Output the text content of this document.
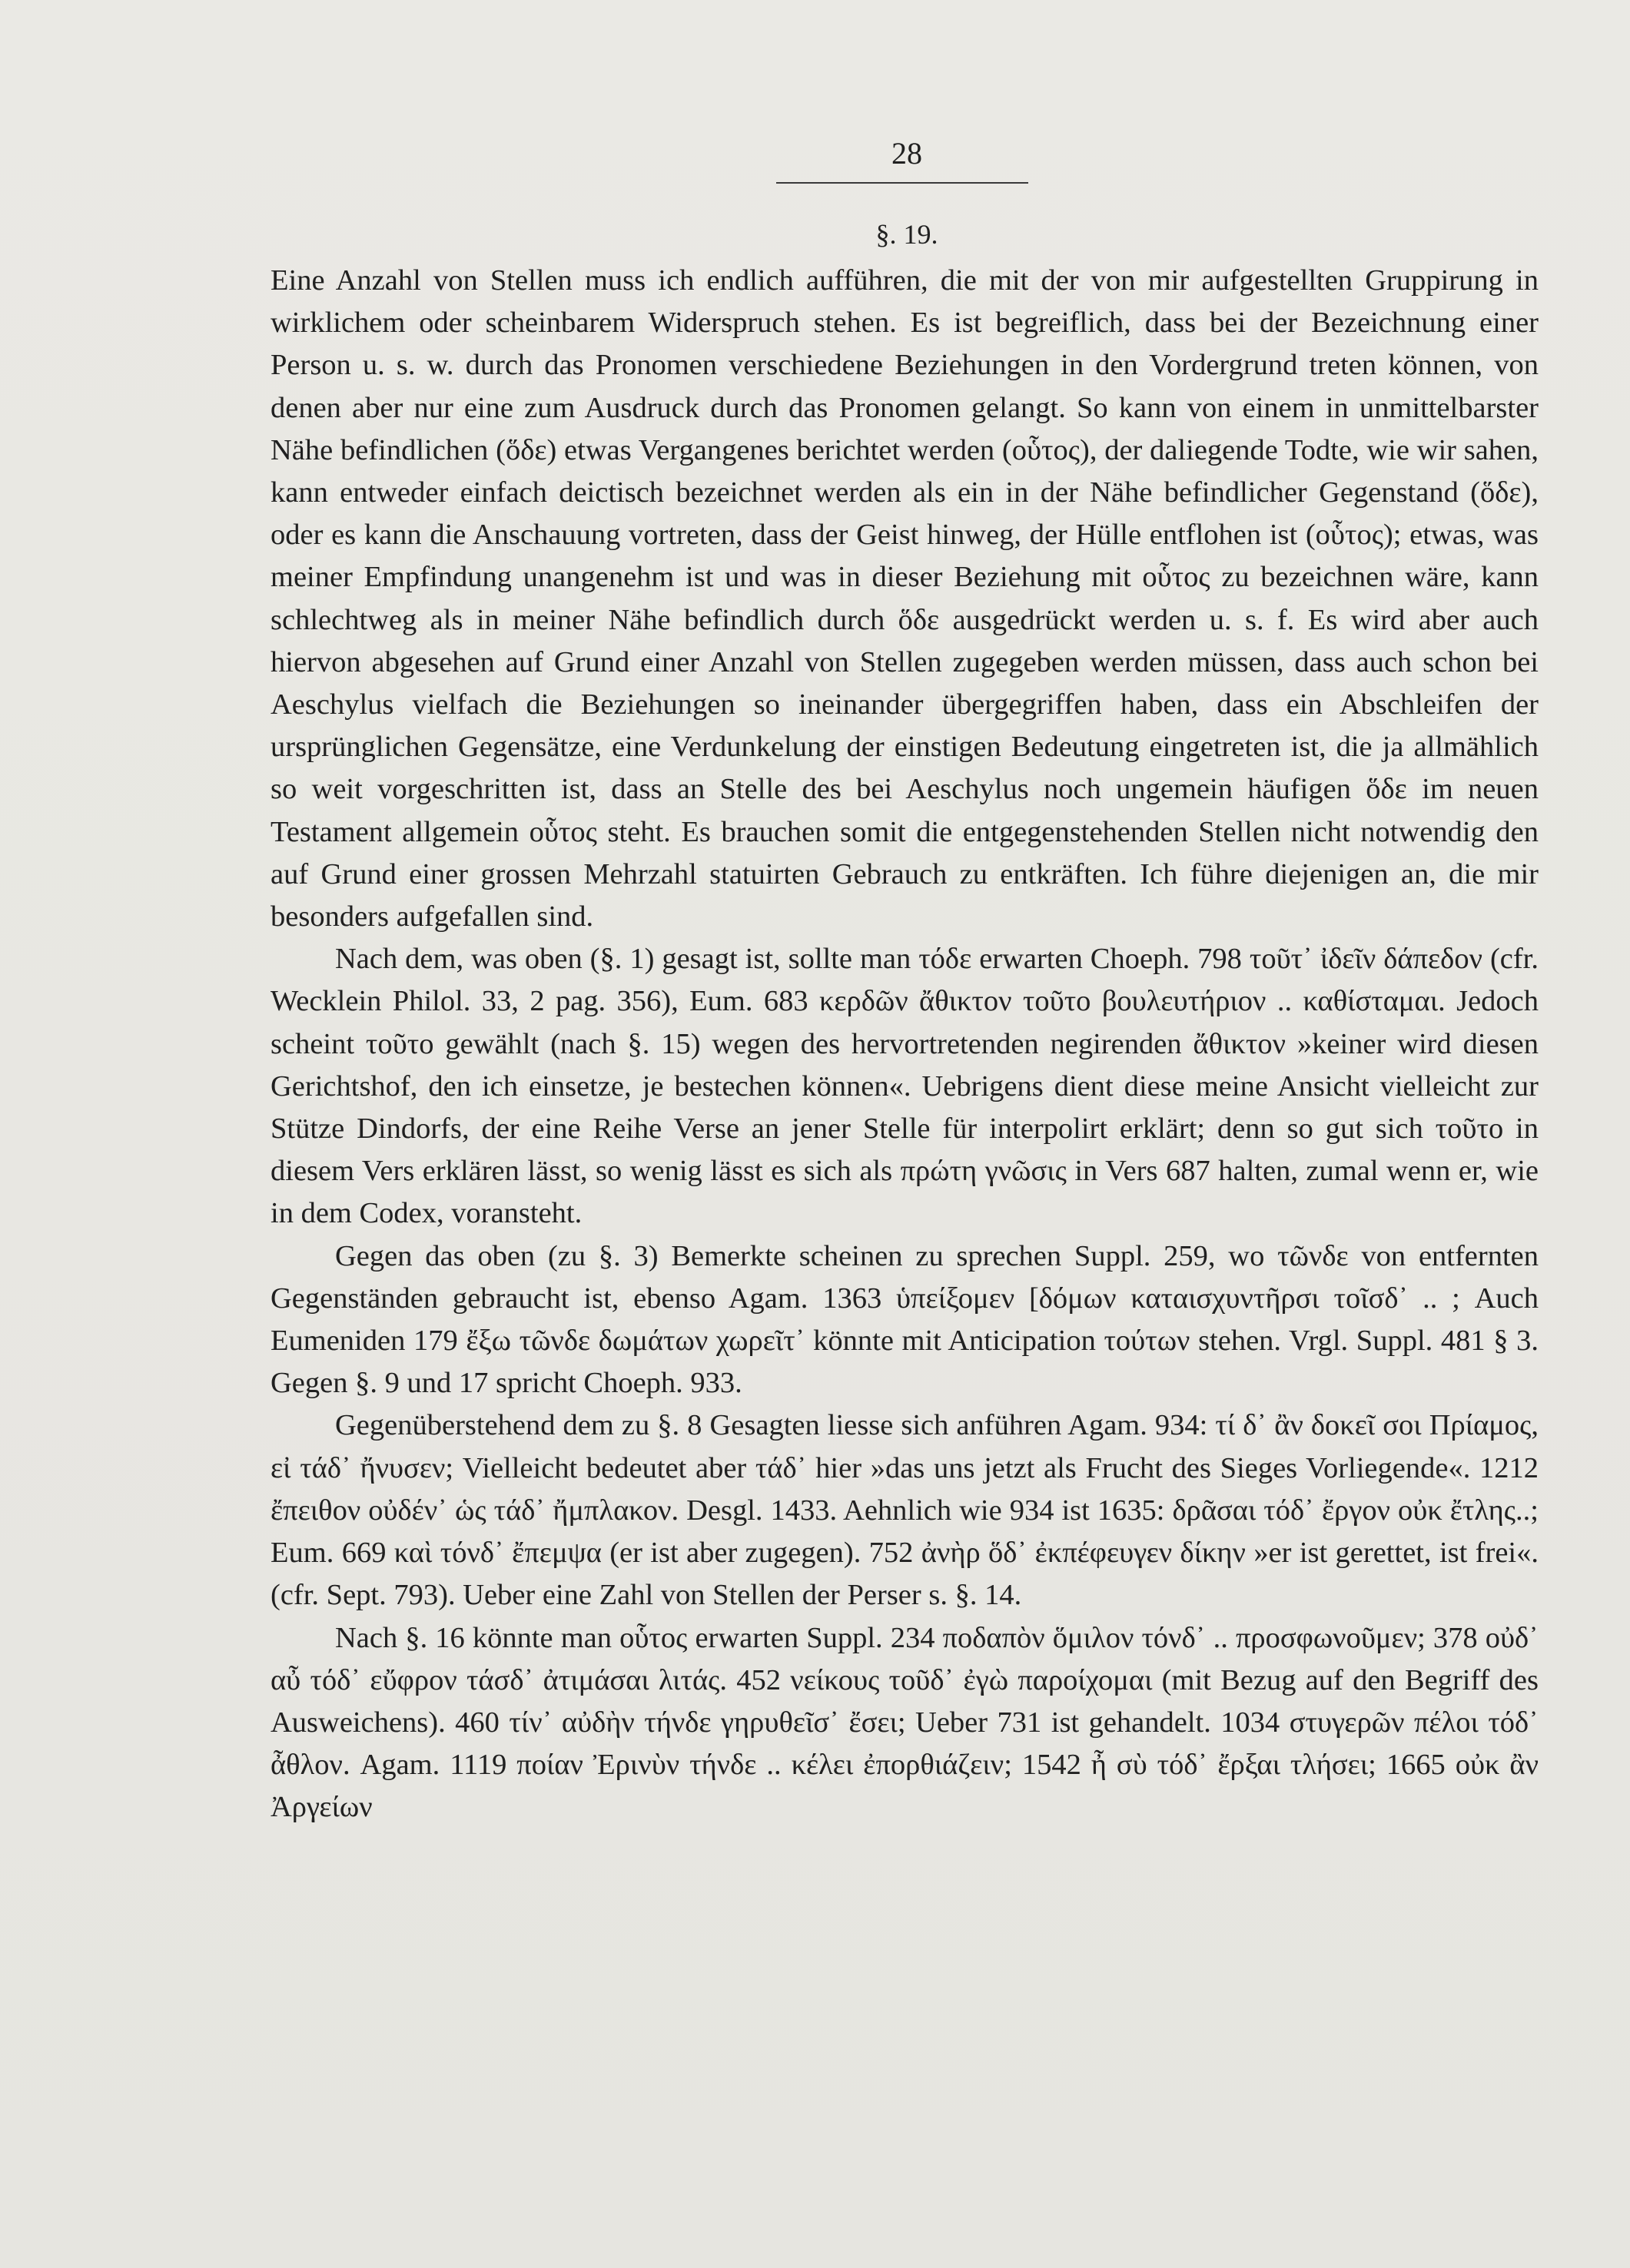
28
§. 19.

Eine Anzahl von Stellen muss ich endlich aufführen, die mit der von mir aufgestellten Gruppirung in wirklichem oder scheinbarem Widerspruch stehen. Es ist begreiflich, dass bei der Bezeichnung einer Person u. s. w. durch das Pronomen verschiedene Beziehungen in den Vordergrund treten können, von denen aber nur eine zum Ausdruck durch das Pronomen gelangt. So kann von einem in unmittelbarster Nähe befindlichen (ὅδε) etwas Vergangenes berichtet werden (οὗτος), der daliegende Todte, wie wir sahen, kann entweder einfach deictisch bezeichnet werden als ein in der Nähe befindlicher Gegenstand (ὅδε), oder es kann die Anschauung vortreten, dass der Geist hinweg, der Hülle entflohen ist (οὗτος); etwas, was meiner Empfindung unangenehm ist und was in dieser Beziehung mit οὗτος zu bezeichnen wäre, kann schlechtweg als in meiner Nähe befindlich durch ὅδε ausgedrückt werden u. s. f. Es wird aber auch hiervon abgesehen auf Grund einer Anzahl von Stellen zugegeben werden müssen, dass auch schon bei Aeschylus vielfach die Beziehungen so ineinander übergegriffen haben, dass ein Abschleifen der ursprünglichen Gegensätze, eine Verdunkelung der einstigen Bedeutung eingetreten ist, die ja allmählich so weit vorgeschritten ist, dass an Stelle des bei Aeschylus noch ungemein häufigen ὅδε im neuen Testament allgemein οὗτος steht. Es brauchen somit die entgegenstehenden Stellen nicht notwendig den auf Grund einer grossen Mehrzahl statuirten Gebrauch zu entkräften. Ich führe diejenigen an, die mir besonders aufgefallen sind.

Nach dem, was oben (§. 1) gesagt ist, sollte man τόδε erwarten Choeph. 798 τοῦτ᾽ ἰδεῖν δάπεδον (cfr. Wecklein Philol. 33, 2 pag. 356), Eum. 683 κερδῶν ἄθικτον τοῦτο βουλευτήριον .. καθίσταμαι. Jedoch scheint τοῦτο gewählt (nach §. 15) wegen des hervortretenden negirenden ἄθικτον »keiner wird diesen Gerichtshof, den ich einsetze, je bestechen können«. Uebrigens dient diese meine Ansicht vielleicht zur Stütze Dindorfs, der eine Reihe Verse an jener Stelle für interpolirt erklärt; denn so gut sich τοῦτο in diesem Vers erklären lässt, so wenig lässt es sich als πρώτη γνῶσις in Vers 687 halten, zumal wenn er, wie in dem Codex, voransteht.

Gegen das oben (zu §. 3) Bemerkte scheinen zu sprechen Suppl. 259, wo τῶνδε von entfernten Gegenständen gebraucht ist, ebenso Agam. 1363 ὑπείξομεν [δόμων καταισχυντῆρσι τοῖσδ᾽ .. ; Auch Eumeniden 179 ἔξω τῶνδε δωμάτων χωρεῖτ᾽ könnte mit Anticipation τούτων stehen. Vrgl. Suppl. 481 § 3. Gegen §. 9 und 17 spricht Choeph. 933.

Gegenüberstehend dem zu §. 8 Gesagten liesse sich anführen Agam. 934: τί δ᾽ ἂν δοκεῖ σοι Πρίαμος, εἰ τάδ᾽ ἤνυσεν; Vielleicht bedeutet aber τάδ᾽ hier »das uns jetzt als Frucht des Sieges Vorliegende«. 1212 ἔπειθον οὐδέν᾽ ὡς τάδ᾽ ἤμπλακον. Desgl. 1433. Aehnlich wie 934 ist 1635: δρᾶσαι τόδ᾽ ἔργον οὐκ ἔτλης..; Eum. 669 καὶ τόνδ᾽ ἔπεμψα (er ist aber zugegen). 752 ἀνὴρ ὅδ᾽ ἐκπέφευγεν δίκην »er ist gerettet, ist frei«. (cfr. Sept. 793). Ueber eine Zahl von Stellen der Perser s. §. 14.

Nach §. 16 könnte man οὗτος erwarten Suppl. 234 ποδαπὸν ὅμιλον τόνδ᾽ .. προσφωνοῦμεν; 378 οὐδ᾽ αὖ τόδ᾽ εὔφρον τάσδ᾽ ἀτιμάσαι λιτάς. 452 νείκους τοῦδ᾽ ἐγὼ παροίχομαι (mit Bezug auf den Begriff des Ausweichens). 460 τίν᾽ αὐδὴν τήνδε γηρυθεῖσ᾽ ἔσει; Ueber 731 ist gehandelt. 1034 στυγερῶν πέλοι τόδ᾽ ἆθλον. Agam. 1119 ποίαν Ἐρινὺν τήνδε .. κέλει ἐπορθιάζειν; 1542 ἦ σὺ τόδ᾽ ἔρξαι τλήσει; 1665 οὐκ ἂν Ἀργείων
